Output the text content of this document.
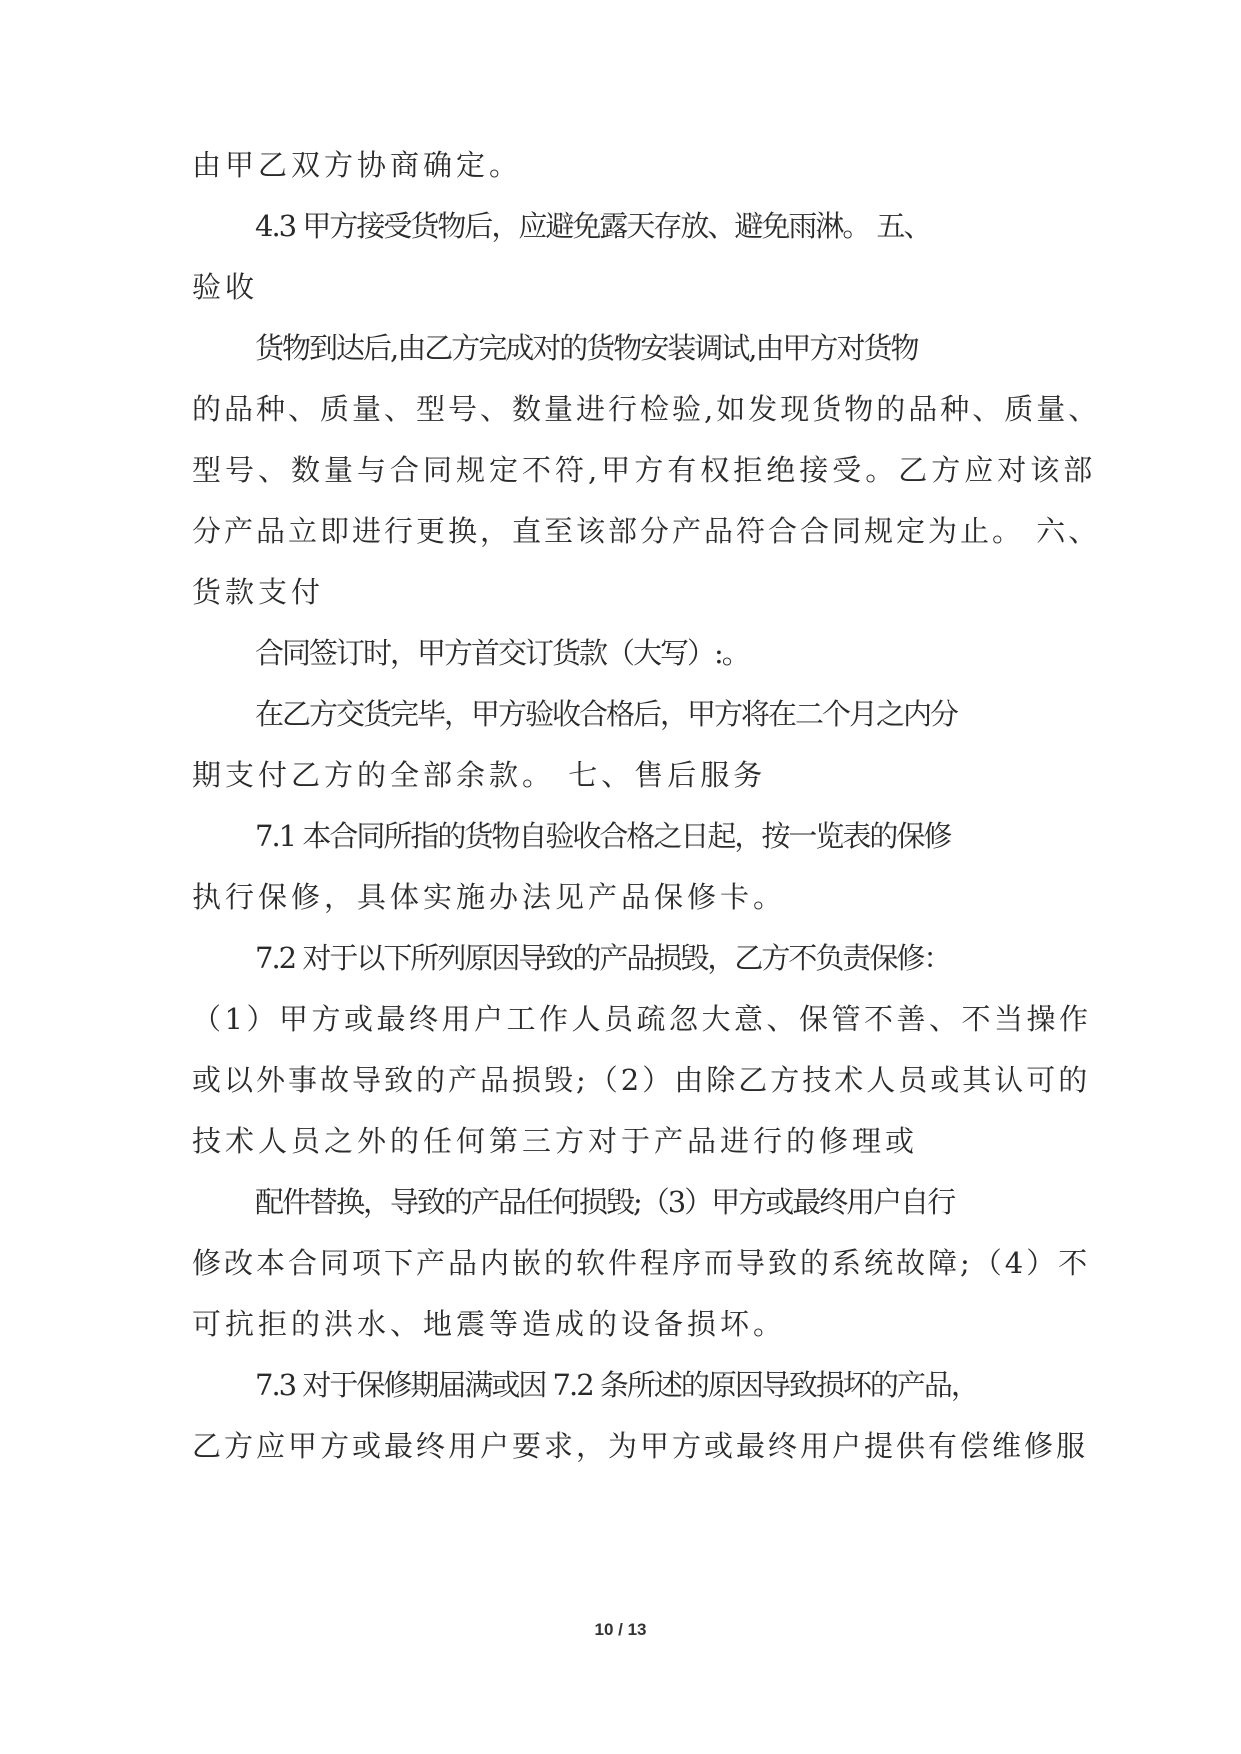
由甲乙双方协商确定。
4.3 甲方接受货物后，应避免露天存放、避免雨淋。 五、
验收
货物到达后,由乙方完成对的货物安装调试,由甲方对货物
的品种、质量、型号、数量进行检验,如发现货物的品种、质量、
型号、数量与合同规定不符,甲方有权拒绝接受。乙方应对该部
分产品立即进行更换，直至该部分产品符合合同规定为止。 六、
货款支付
合同签订时，甲方首交订货款（大写）:。
在乙方交货完毕，甲方验收合格后，甲方将在二个月之内分
期支付乙方的全部余款。 七、售后服务
7.1 本合同所指的货物自验收合格之日起，按一览表的保修
执行保修，具体实施办法见产品保修卡。
7.2 对于以下所列原因导致的产品损毁，乙方不负责保修：
（1）甲方或最终用户工作人员疏忽大意、保管不善、不当操作
或以外事故导致的产品损毁;（2）由除乙方技术人员或其认可的
技术人员之外的任何第三方对于产品进行的修理或
配件替换，导致的产品任何损毁;（3）甲方或最终用户自行
修改本合同项下产品内嵌的软件程序而导致的系统故障;（4）不
可抗拒的洪水、地震等造成的设备损坏。
7.3 对于保修期届满或因 7.2 条所述的原因导致损坏的产品，
乙方应甲方或最终用户要求，为甲方或最终用户提供有偿维修服
10 / 13
